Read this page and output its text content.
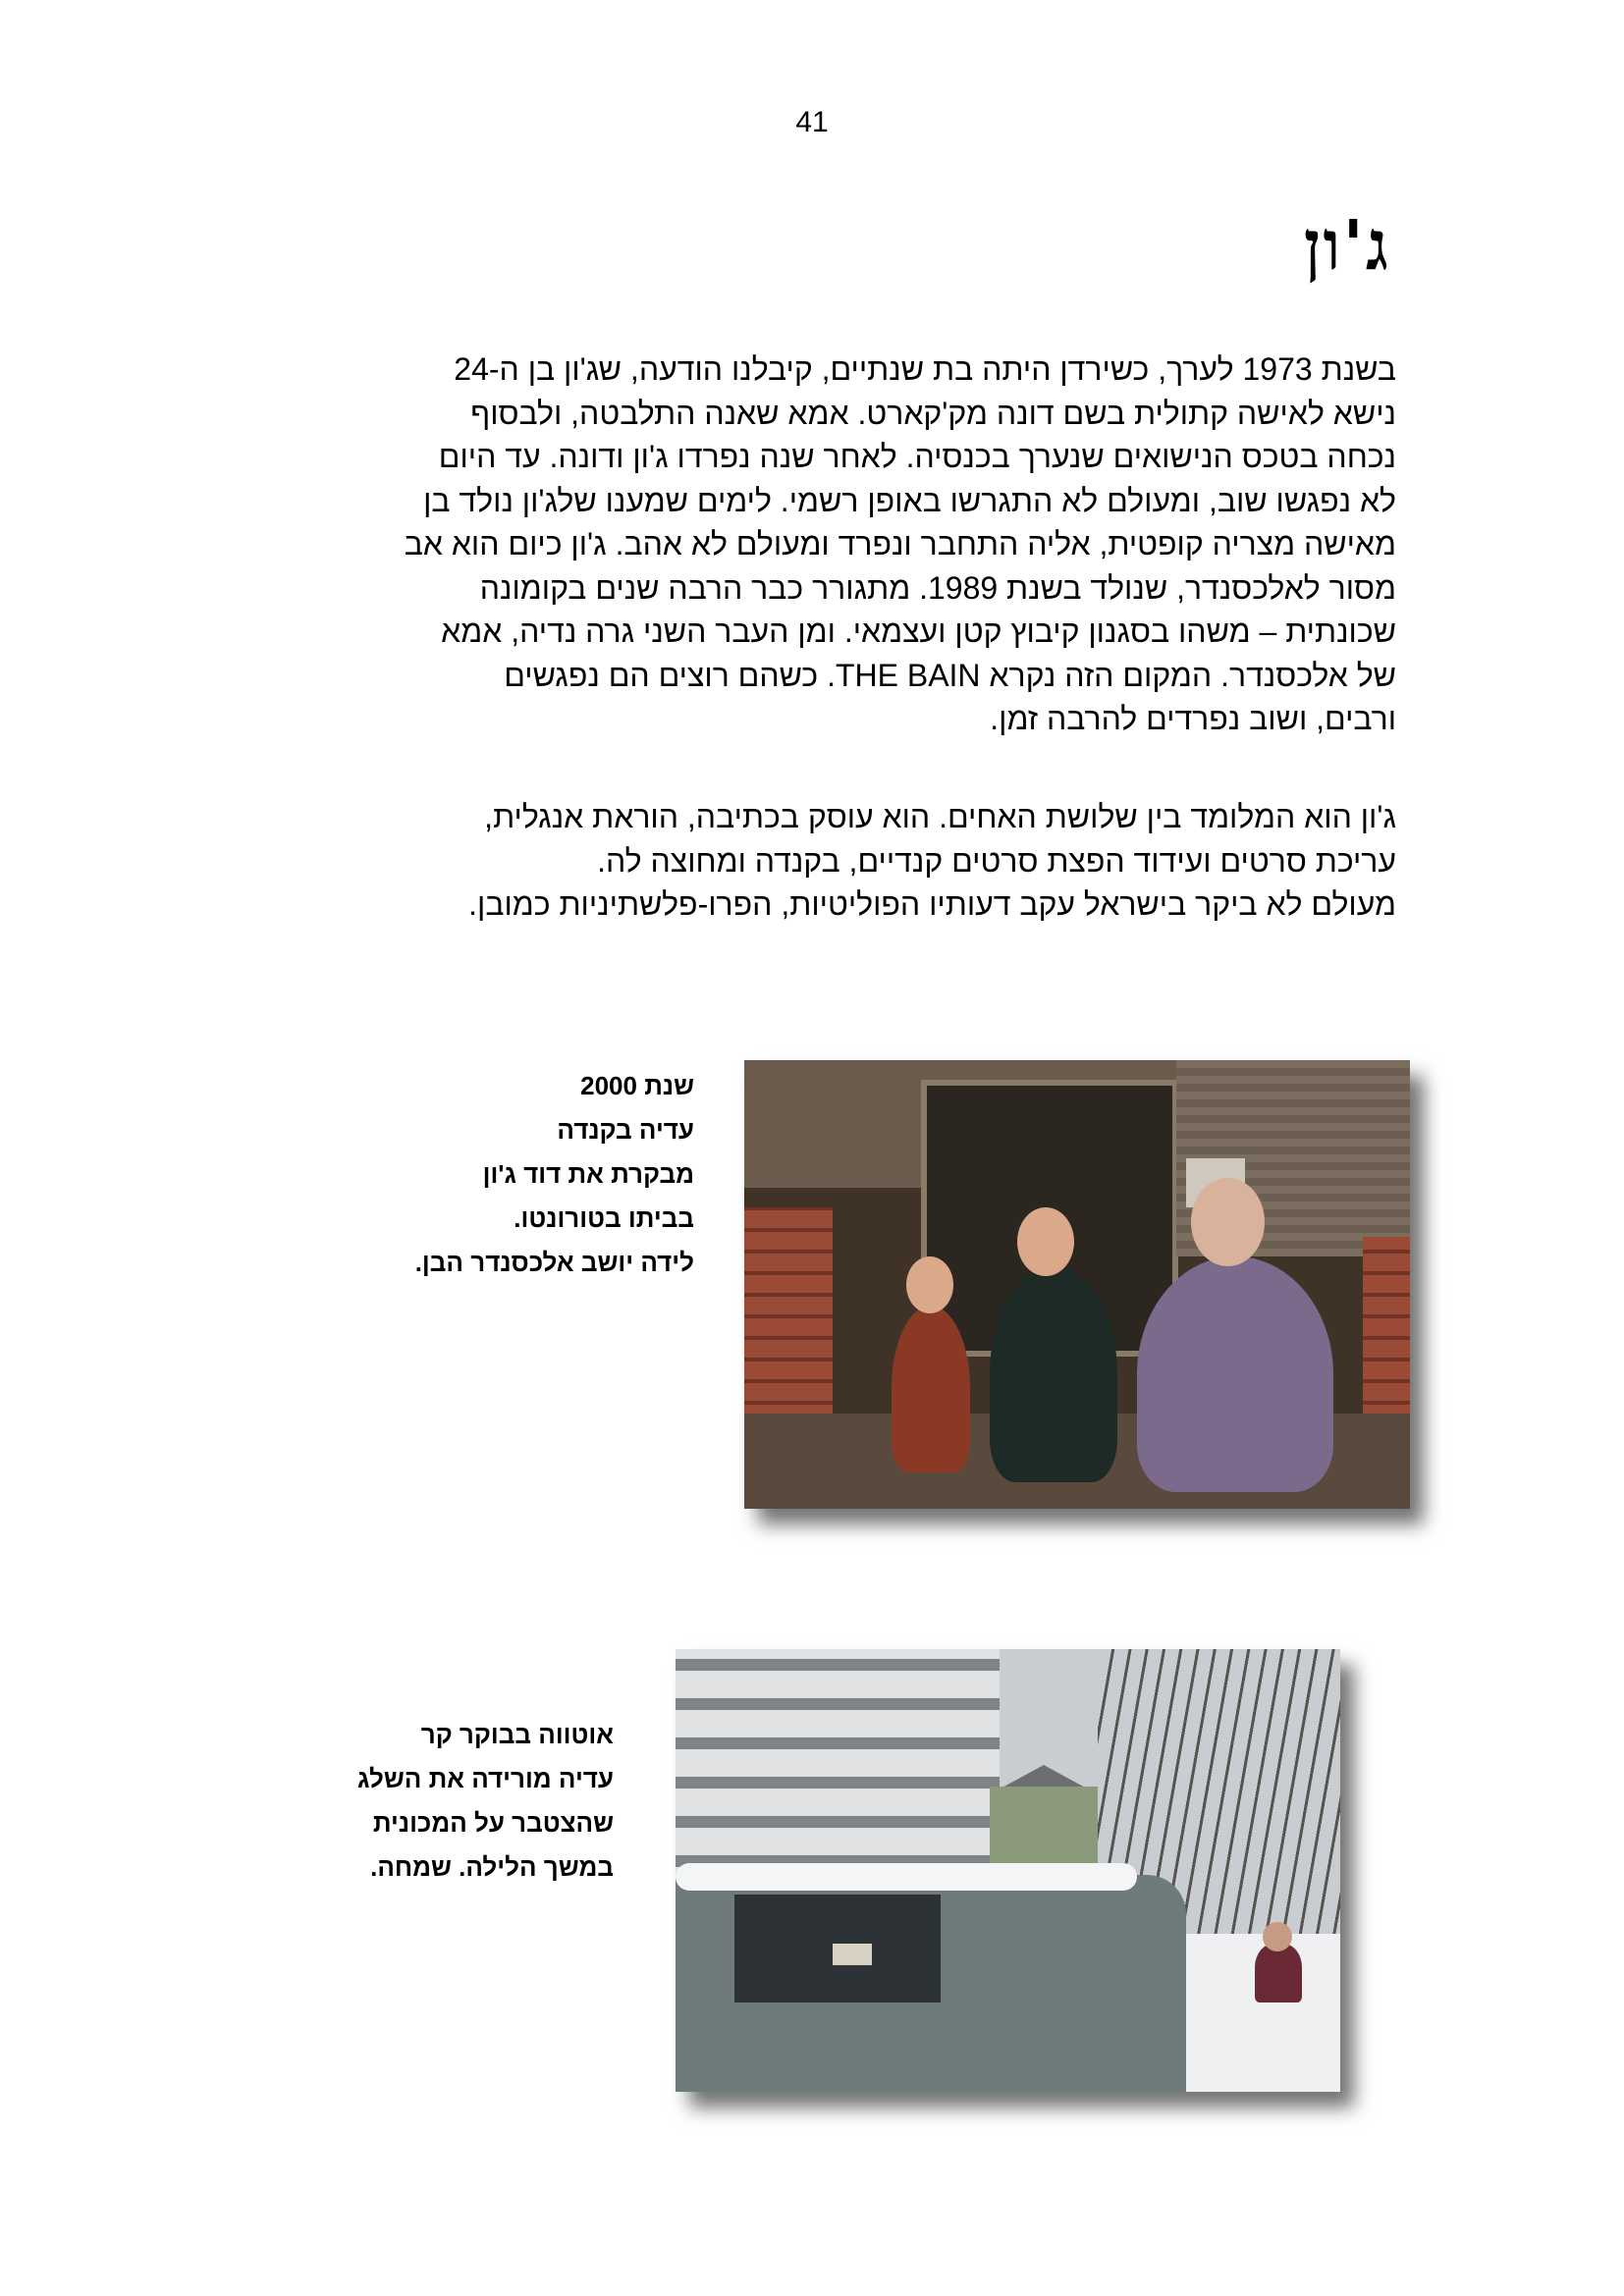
41
ג'ון
בשנת 1973 לערך, כשירדן היתה בת שנתיים, קיבלנו הודעה, שג'ון בן ה-24
נישא לאישה קתולית בשם דונה מק'קארט. אמא שאנה התלבטה, ולבסוף
נכחה בטכס הנישואים שנערך בכנסיה. לאחר שנה נפרדו ג'ון ודונה. עד היום
לא נפגשו שוב, ומעולם לא התגרשו באופן רשמי. לימים שמענו שלג'ון נולד בן
מאישה מצריה קופטית, אליה התחבר ונפרד ומעולם לא אהב. ג'ון כיום הוא אב
מסור לאלכסנדר, שנולד בשנת 1989. מתגורר כבר הרבה שנים בקומונה
שכונתית – משהו בסגנון קיבוץ קטן ועצמאי. ומן העבר השני גרה נדיה, אמא
של אלכסנדר. המקום הזה נקרא THE BAIN. כשהם רוצים הם נפגשים
ורבים, ושוב נפרדים להרבה זמן.
ג'ון הוא המלומד בין שלושת האחים. הוא עוסק בכתיבה, הוראת אנגלית,
עריכת סרטים ועידוד הפצת סרטים קנדיים, בקנדה ומחוצה לה.
מעולם לא ביקר בישראל עקב דעותיו הפוליטיות, הפרו-פלשתיניות כמובן.
שנת 2000
עדיה בקנדה
מבקרת את דוד ג'ון
בביתו בטורונטו.
לידה יושב אלכסנדר הבן.
אוטווה בבוקר קר
עדיה מורידה את השלג
שהצטבר על המכונית
במשך הלילה. שמחה.
